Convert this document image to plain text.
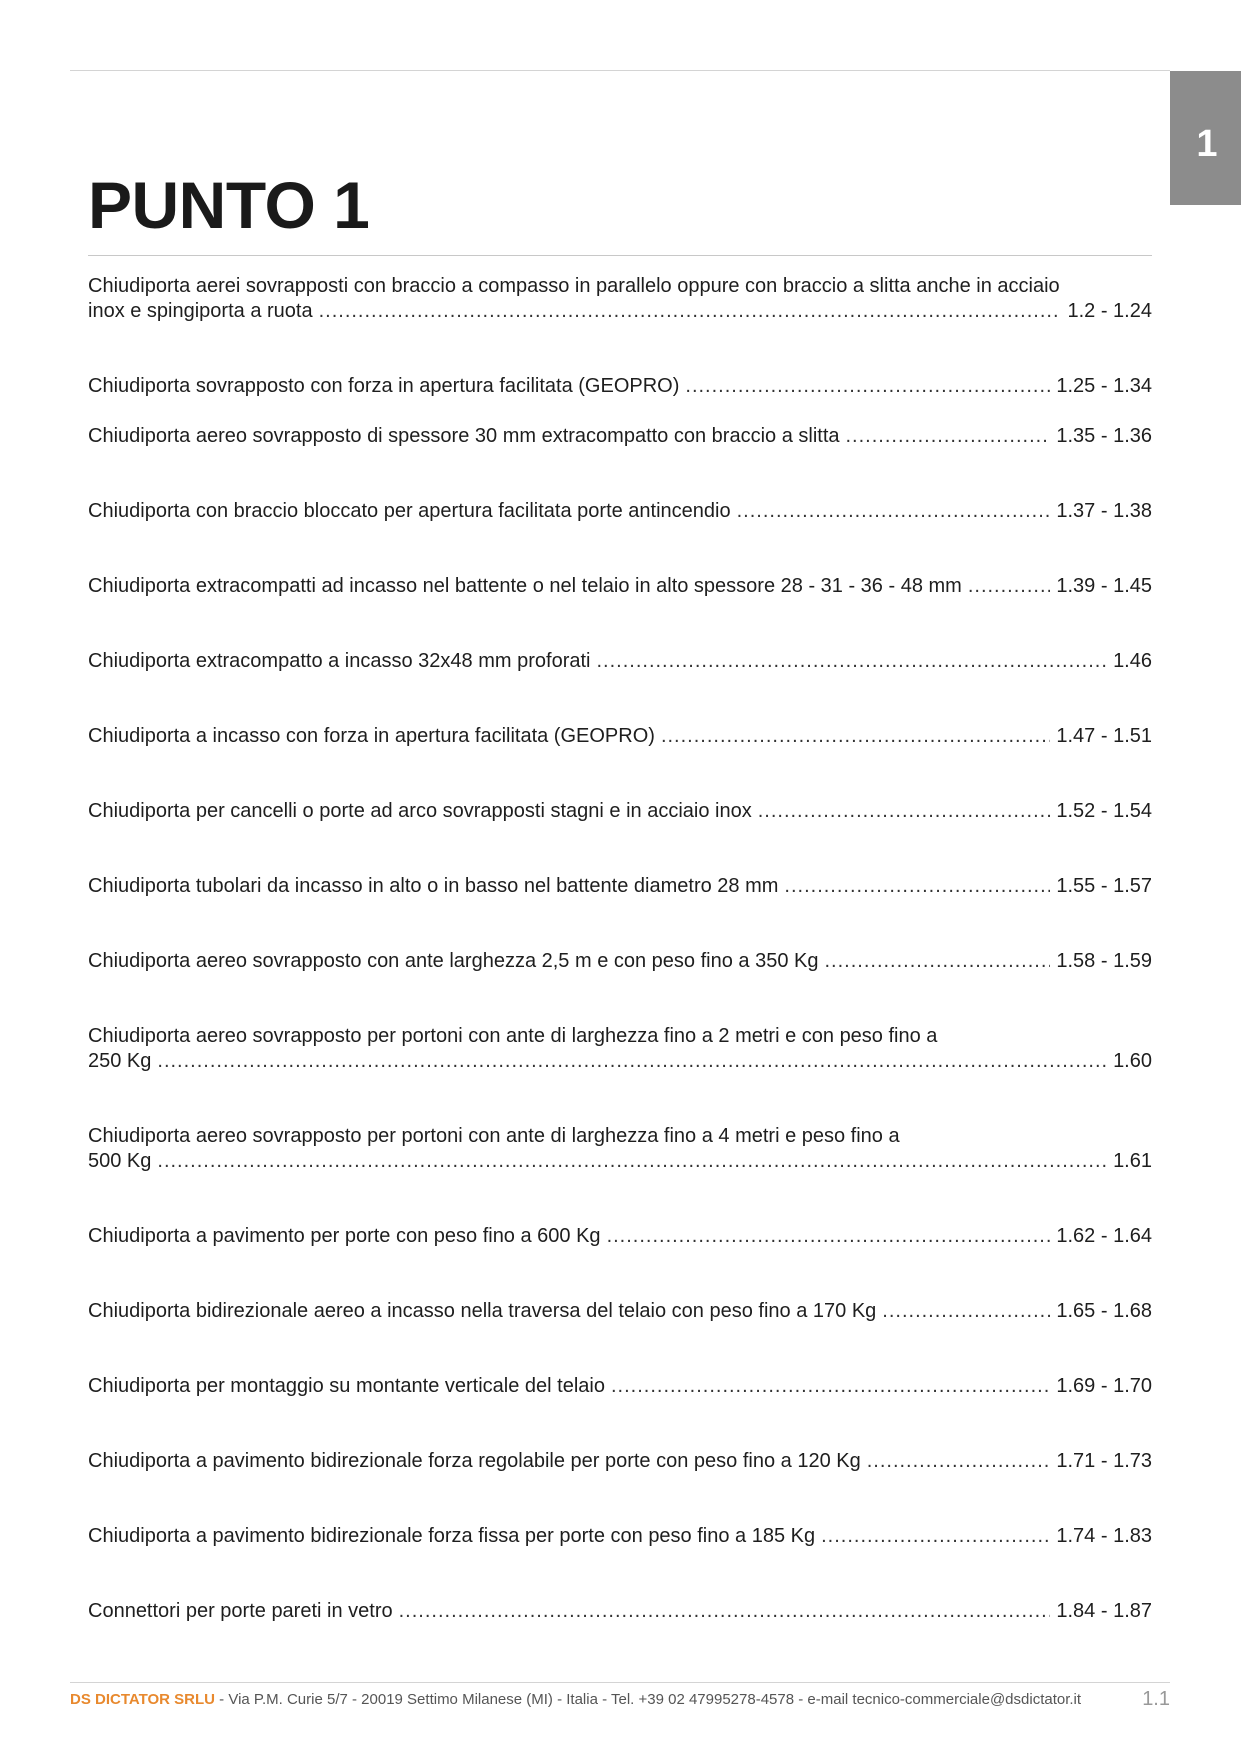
1
PUNTO 1
Chiudiporta aerei sovrapposti con braccio a compasso in parallelo oppure con braccio a slitta anche in acciaio
inox e spingiporta a ruota .....	1.2 - 1.24
Chiudiporta sovrapposto con forza in apertura facilitata (GEOPRO) .....	1.25 - 1.34
Chiudiporta aereo sovrapposto di spessore 30 mm extracompatto con braccio a slitta .....	1.35 - 1.36
Chiudiporta con braccio bloccato per apertura facilitata porte antincendio .....	1.37 - 1.38
Chiudiporta extracompatti ad incasso nel battente o nel telaio in alto spessore 28 - 31 - 36 - 48 mm .....	1.39 - 1.45
Chiudiporta extracompatto a incasso 32x48 mm proforati .....	1.46
Chiudiporta a incasso con forza in apertura facilitata (GEOPRO) .....	1.47 - 1.51
Chiudiporta per cancelli o porte ad arco sovrapposti stagni e in acciaio inox .....	1.52 - 1.54
Chiudiporta tubolari da incasso in alto o in basso nel battente diametro 28 mm .....	1.55 - 1.57
Chiudiporta aereo sovrapposto con ante larghezza 2,5 m e con peso fino a 350 Kg .....	1.58 - 1.59
Chiudiporta aereo sovrapposto per portoni con ante di larghezza fino a 2 metri e con peso fino a
250 Kg .....	1.60
Chiudiporta aereo sovrapposto per portoni con ante di larghezza fino a 4 metri e peso fino a
500 Kg .....	1.61
Chiudiporta a pavimento per porte con peso fino a 600 Kg .....	1.62 - 1.64
Chiudiporta bidirezionale aereo a incasso nella traversa del telaio con peso fino a 170 Kg .....	1.65 - 1.68
Chiudiporta per montaggio su montante verticale del telaio .....	1.69 - 1.70
Chiudiporta a pavimento bidirezionale forza regolabile per porte con peso fino a 120 Kg .....	1.71 - 1.73
Chiudiporta a pavimento bidirezionale forza fissa per porte con peso fino a 185 Kg .....	1.74 - 1.83
Connettori per porte pareti in vetro .....	1.84 - 1.87
DS DICTATOR SRLU - Via P.M. Curie 5/7 - 20019 Settimo Milanese (MI) - Italia - Tel. +39 02 47995278-4578 - e-mail tecnico-commerciale@dsdictator.it	1.1
